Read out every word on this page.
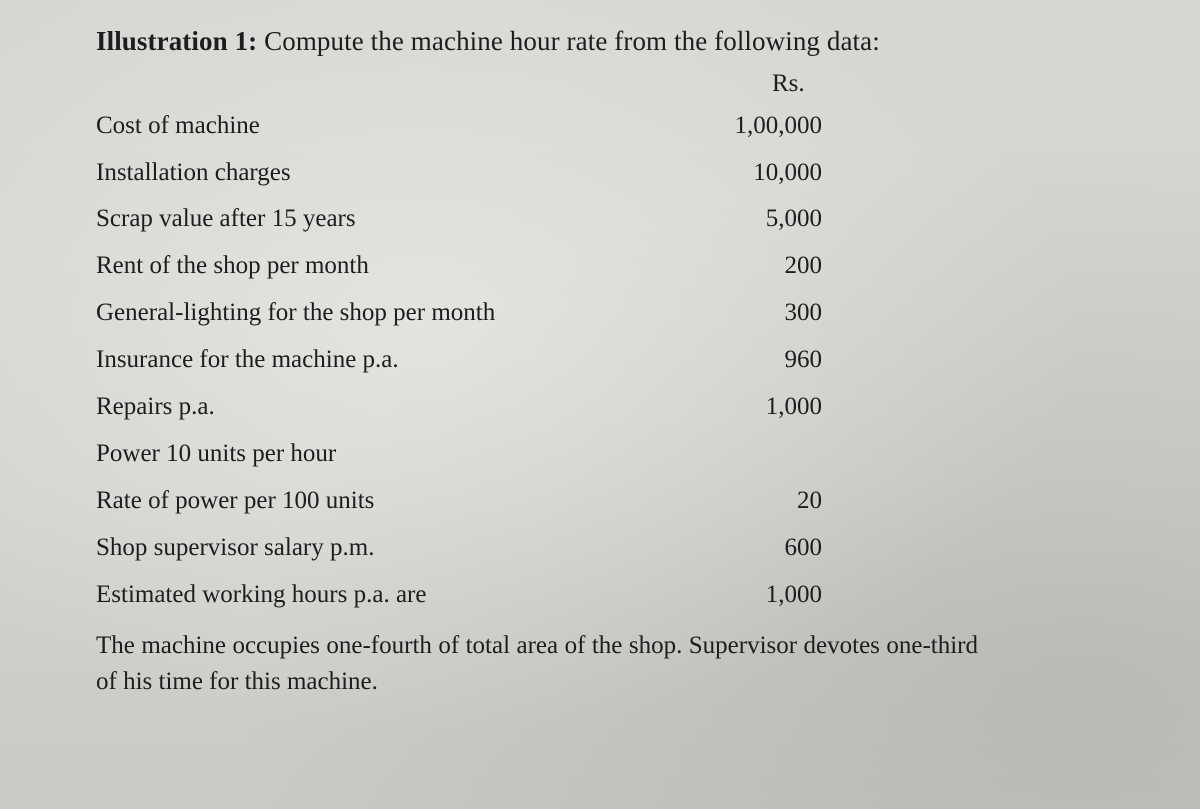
Illustration 1: Compute the machine hour rate from the following data:
Rs.
Cost of machine	1,00,000
Installation charges	10,000
Scrap value after 15 years	5,000
Rent of the shop per month	200
General-lighting for the shop per month	300
Insurance for the machine p.a.	960
Repairs p.a.	1,000
Power 10 units per hour
Rate of power per 100 units	20
Shop supervisor salary p.m.	600
Estimated working hours p.a. are	1,000
The machine occupies one-fourth of total area of the shop. Supervisor devotes one-third of his time for this machine.
